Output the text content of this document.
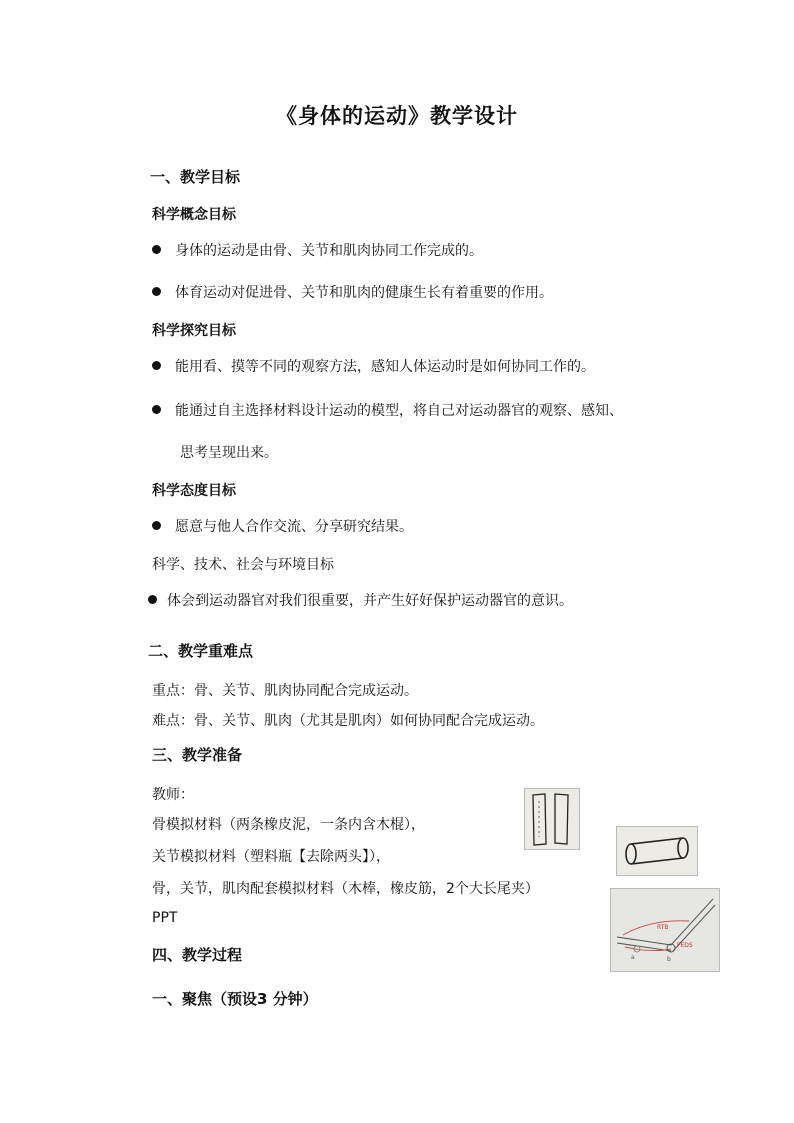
《身体的运动》教学设计
一、教学目标
科学概念目标
身体的运动是由骨、关节和肌肉协同工作完成的。
体育运动对促进骨、关节和肌肉的健康生长有着重要的作用。
科学探究目标
能用看、摸等不同的观察方法，感知人体运动时是如何协同工作的。
能通过自主选择材料设计运动的模型，将自己对运动器官的观察、感知、
思考呈现出来。
科学态度目标
愿意与他人合作交流、分享研究结果。
科学、技术、社会与环境目标
体会到运动器官对我们很重要，并产生好好保护运动器官的意识。
二、教学重难点
重点：骨、关节、肌肉协同配合完成运动。
难点：骨、关节、肌肉（尤其是肌肉）如何协同配合完成运动。
三、教学准备
教师：
骨模拟材料（两条橡皮泥，一条内含木棍），
关节模拟材料（塑料瓶【去除两头】），
骨，关节，肌肉配套模拟材料（木棒，橡皮筋，2个大长尾夹）
PPT
四、教学过程
一、聚焦（预设3 分钟）
RTB
FEDS
a	b
